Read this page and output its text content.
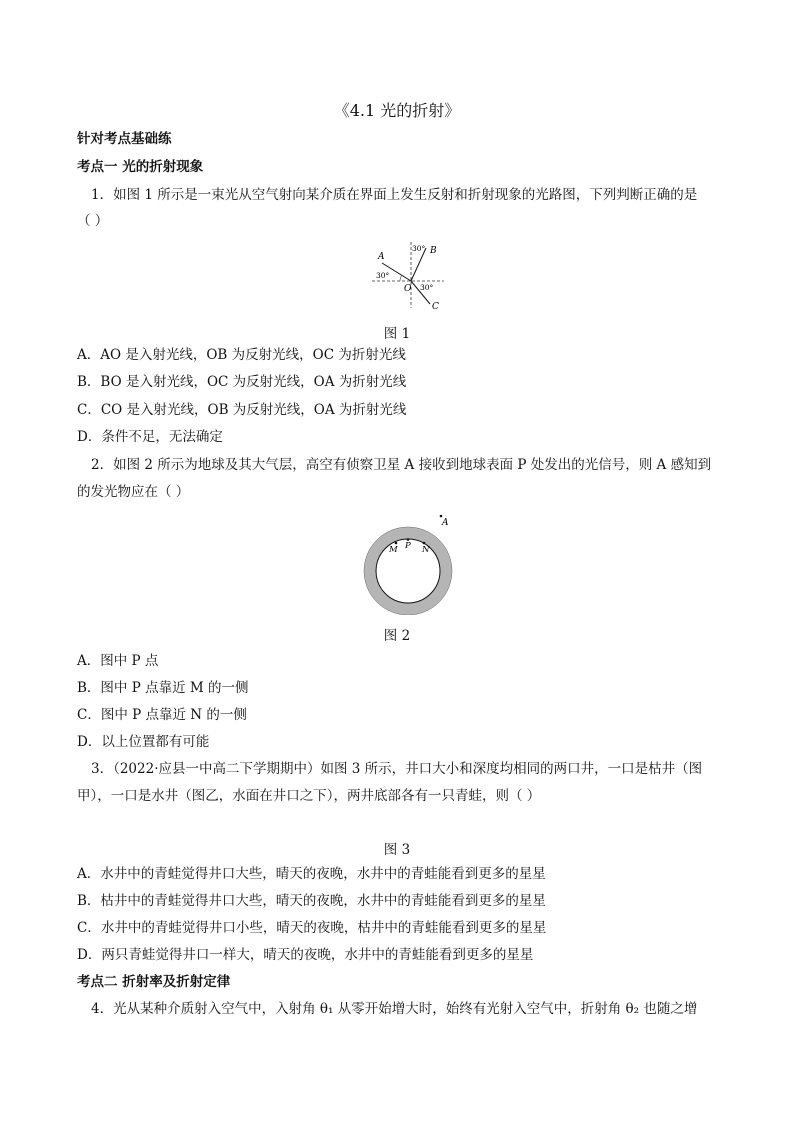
《4.1 光的折射》
针对考点基础练
考点一 光的折射现象
1．如图 1 所示是一束光从空气射向某介质在界面上发生反射和折射现象的光路图，下列判断正确的是
（ ）
A
B
C
O
30°
30°
30°
图 1
A．AO 是入射光线，OB 为反射光线，OC 为折射光线
B．BO 是入射光线，OC 为反射光线，OA 为折射光线
C．CO 是入射光线，OB 为反射光线，OA 为折射光线
D．条件不足，无法确定
2．如图 2 所示为地球及其大气层，高空有侦察卫星 A 接收到地球表面 P 处发出的光信号，则 A 感知到
的发光物应在（ ）
A
M P N
图 2
A．图中 P 点
B．图中 P 点靠近 M 的一侧
C．图中 P 点靠近 N 的一侧
D．以上位置都有可能
3．（2022·应县一中高二下学期期中）如图 3 所示，井口大小和深度均相同的两口井，一口是枯井（图
甲），一口是水井（图乙，水面在井口之下），两井底部各有一只青蛙，则（ ）
图 3
A．水井中的青蛙觉得井口大些，晴天的夜晚，水井中的青蛙能看到更多的星星
B．枯井中的青蛙觉得井口大些，晴天的夜晚，水井中的青蛙能看到更多的星星
C．水井中的青蛙觉得井口小些，晴天的夜晚，枯井中的青蛙能看到更多的星星
D．两只青蛙觉得井口一样大，晴天的夜晚，水井中的青蛙能看到更多的星星
考点二 折射率及折射定律
4．光从某种介质射入空气中，入射角 θ₁ 从零开始增大时，始终有光射入空气中，折射角 θ₂ 也随之增
